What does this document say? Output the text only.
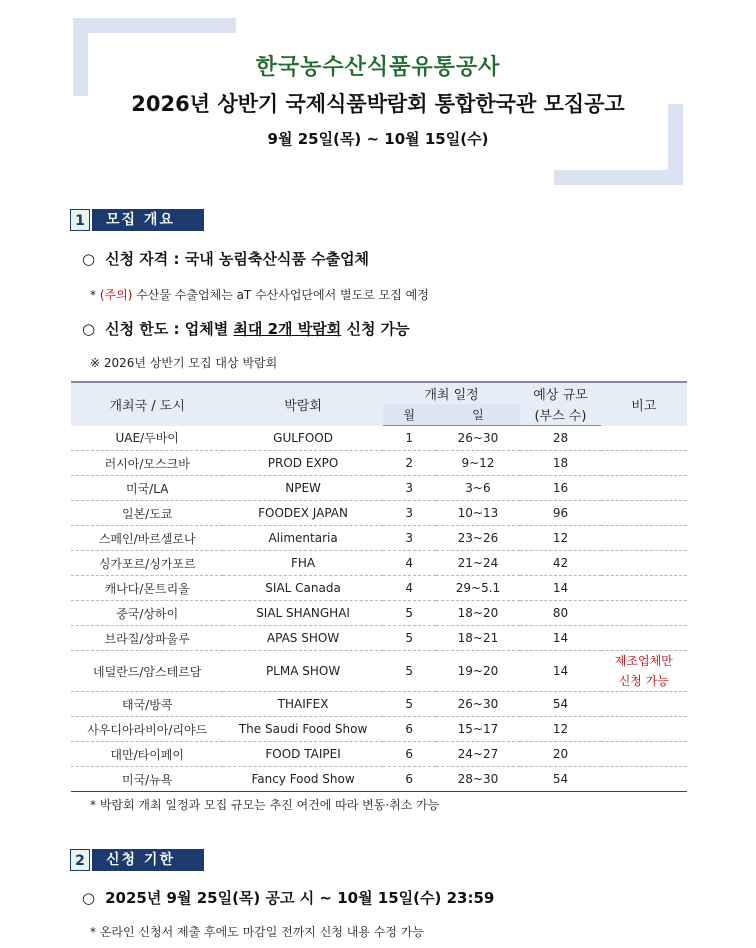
한국농수산식품유통공사
2026년 상반기 국제식품박람회 통합한국관 모집공고
9월 25일(목) ~ 10월 15일(수)
1	모집 개요
○ 신청 자격 : 국내 농림축산식품 수출업체
* (주의) 수산물 수출업체는 aT 수산사업단에서 별도로 모집 예정
○ 신청 한도 : 업체별 최대 2개 박람회 신청 가능
※ 2026년 상반기 모집 대상 박람회
개최국 / 도시	박람회	개최 일정		예상 규모	비고
		월	일	(부스 수)	
UAE/두바이	GULFOOD	1	26~30	28	
러시아/모스크바	PROD EXPO	2	9~12	18	
미국/LA	NPEW	3	3~6	16	
일본/도쿄	FOODEX JAPAN	3	10~13	96	
스페인/바르셀로나	Alimentaria	3	23~26	12	
싱가포르/싱가포르	FHA	4	21~24	42	
캐나다/몬트리올	SIAL Canada	4	29~5.1	14	
중국/상하이	SIAL SHANGHAI	5	18~20	80	
브라질/상파울루	APAS SHOW	5	18~21	14	
네덜란드/암스테르담	PLMA SHOW	5	19~20	14	제조업체만 신청 가능
태국/방콕	THAIFEX	5	26~30	54	
사우디아라비아/리야드	The Saudi Food Show	6	15~17	12	
대만/타이페이	FOOD TAIPEI	6	24~27	20	
미국/뉴욕	Fancy Food Show	6	28~30	54	
* 박람회 개최 일정과 모집 규모는 추진 여건에 따라 변동·취소 가능
2	신청 기한
○ 2025년 9월 25일(목) 공고 시 ~ 10월 15일(수) 23:59
* 온라인 신청서 제출 후에도 마감일 전까지 신청 내용 수정 가능
